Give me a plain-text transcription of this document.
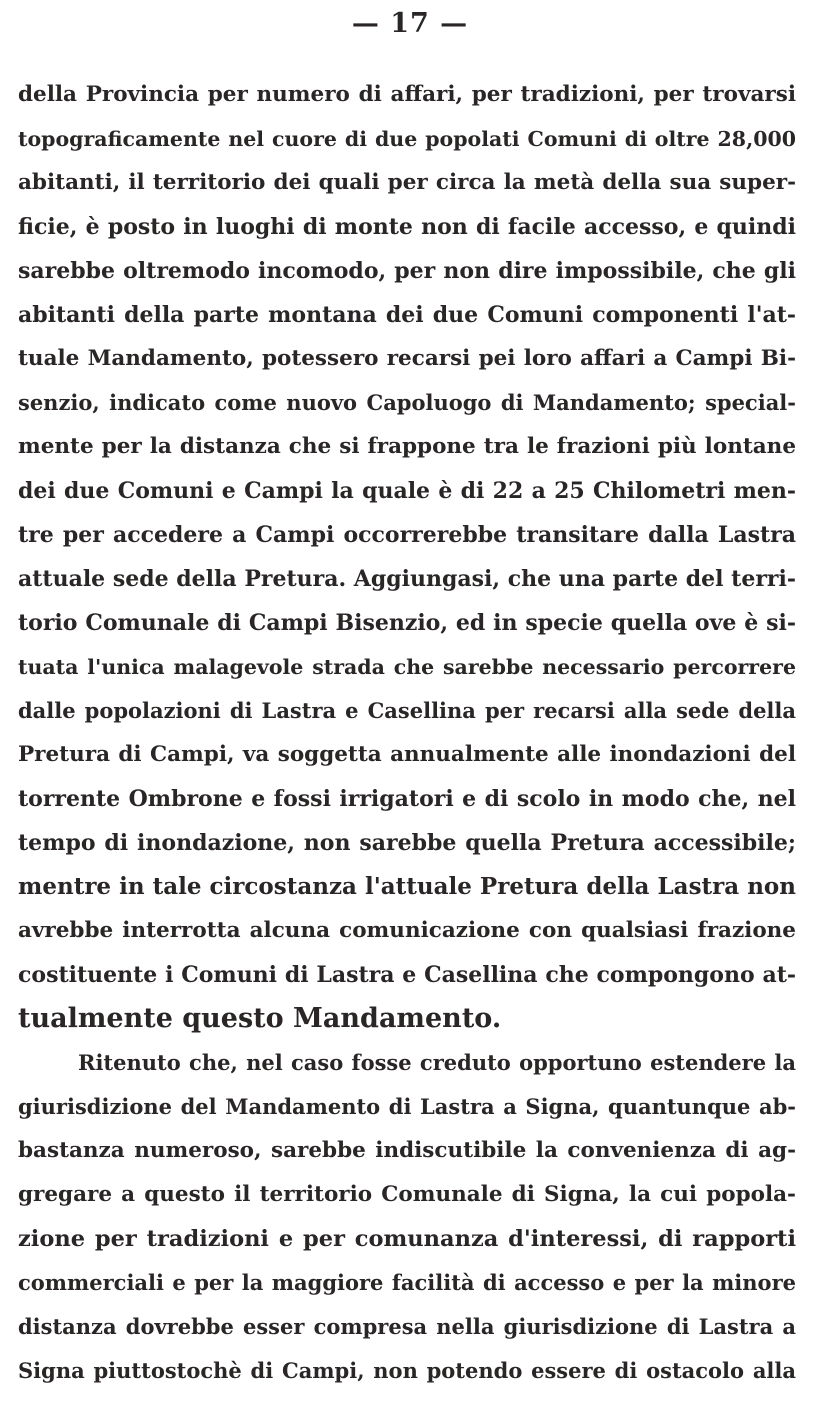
— 17 —
della Provincia per numero di affari, per tradizioni, per trovarsi
topograficamente nel cuore di due popolati Comuni di oltre 28,000
abitanti, il territorio dei quali per circa la metà della sua super-
ficie, è posto in luoghi di monte non di facile accesso, e quindi
sarebbe oltremodo incomodo, per non dire impossibile, che gli
abitanti della parte montana dei due Comuni componenti l'at-
tuale Mandamento, potessero recarsi pei loro affari a Campi Bi-
senzio, indicato come nuovo Capoluogo di Mandamento; special-
mente per la distanza che si frappone tra le frazioni più lontane
dei due Comuni e Campi la quale è di 22 a 25 Chilometri men-
tre per accedere a Campi occorrerebbe transitare dalla Lastra
attuale sede della Pretura. Aggiungasi, che una parte del terri-
torio Comunale di Campi Bisenzio, ed in specie quella ove è si-
tuata l'unica malagevole strada che sarebbe necessario percorrere
dalle popolazioni di Lastra e Casellina per recarsi alla sede della
Pretura di Campi, va soggetta annualmente alle inondazioni del
torrente Ombrone e fossi irrigatori e di scolo in modo che, nel
tempo di inondazione, non sarebbe quella Pretura accessibile;
mentre in tale circostanza l'attuale Pretura della Lastra non
avrebbe interrotta alcuna comunicazione con qualsiasi frazione
costituente i Comuni di Lastra e Casellina che compongono at-
tualmente questo Mandamento.
Ritenuto che, nel caso fosse creduto opportuno estendere la
giurisdizione del Mandamento di Lastra a Signa, quantunque ab-
bastanza numeroso, sarebbe indiscutibile la convenienza di ag-
gregare a questo il territorio Comunale di Signa, la cui popola-
zione per tradizioni e per comunanza d'interessi, di rapporti
commerciali e per la maggiore facilità di accesso e per la minore
distanza dovrebbe esser compresa nella giurisdizione di Lastra a
Signa piuttostochè di Campi, non potendo essere di ostacolo alla
